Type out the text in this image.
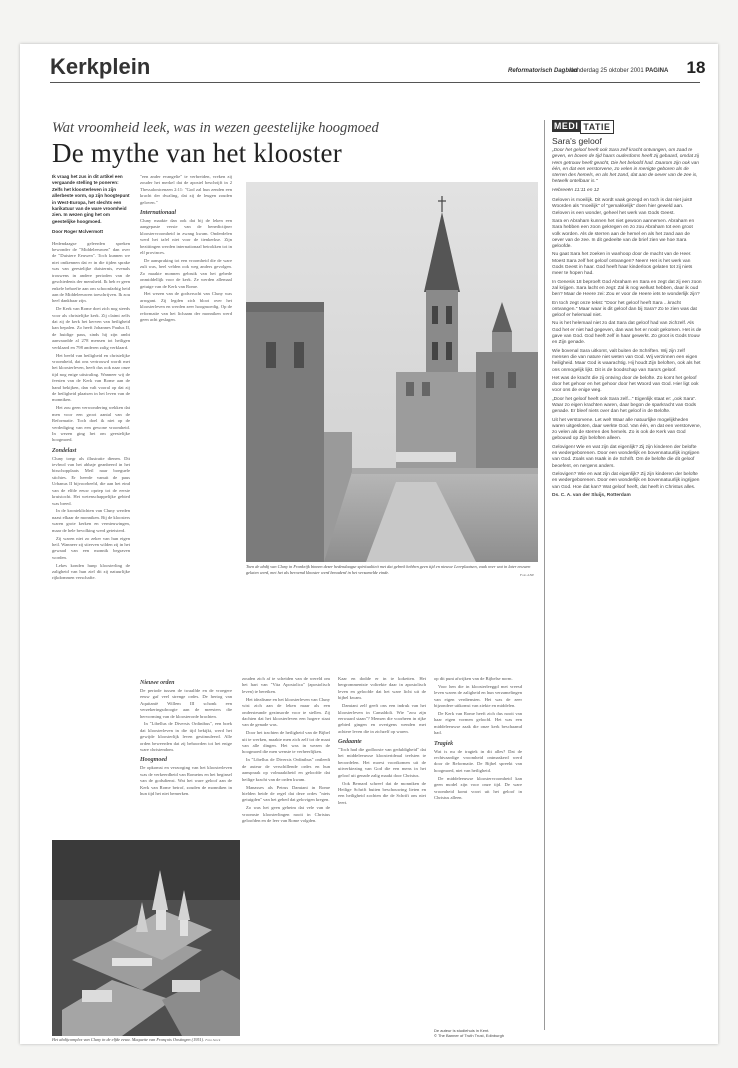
Kerkplein	Reformatorisch Dagblad
donderdag 25 oktober 2001 PAGINA 18
Wat vroomheid leek, was in wezen geestelijke hoogmoed
De mythe van het klooster
Ik vraag het zus in dit artikel een vergaande stelling te poneren: Zelfs het kloosterleven in zijn allerbeste vorm, op zijn hoogtepunt in West-Europa, het slechts een karikatuur van de ware vroomheid zien. In wezen ging het om geestelijke hoogmoed.
Door Roger Mclvermott

Hedendaagse geleerden spreken bewonder de "Middeleeuwen" dan over de "Duistere Eeuwen". Toch kunnen we niet ontkennen dat er in die tijden sprake was van geestelijke duisternis, evenals trouwens in andere perioden van de geschiedenis der mensheid. Ik heb er geen enkele behoefte aan om schoonfarbig heid aan de Middeleeuwen toeschrijven. Ik zou heel dankbaar zijn.

De Kerk van Rome doet zich nog steeds voor als christelijke kerk. Zij claimt zelfs dat zij de kerk het kerven van heiligheid kan bepalen. Zo heeft Johannes Paulus II, de huidige paus, sinds hij zijn ambt aanvaardde al 278 mensen tot heiligen verklaard en 798 anderen zalig verklaard.

Het beeld van heiligheid en christelijke vroomheid, dat ons vertrouwd wordt met het kloosterleven, heeft dus ook naar onze tijd nog enige uitstraling. Wanneer wij de feesten van de Kerk van Rome aan de hand bekijken, dan valt vooral op dat zij de heiligheid plaatsen in het leven van de monniken.

Het zou geen verwondering wekken dat men voor een groot aantal van de Reformatie. Toch doel ik niet op de verdediging van een gewone vroomheid. In wezen ging het om geestelijke hoogmoed.

Zondelast

Cluny toegr als illustratie dienen. Dit ievhwd van het abbaje geanbeerd in het bisschopplaats Meil naar boeguele stichtes. Er heerde vanuit de paus Urbanus II bijvoorbeeld, die aan het eind van de elfde eeuw opriep tot de eerste kruistocht. Het wetenschappelijke gebied was breed.

In de kronieklichten van Cluny werden naast elkaar de monniken. Bij de kloosters waren grote kerken en vernieuwingen, maar de hele bevolking werd geteisterd.

Zij waren niet zo zeker van hun eigen heil. Wanneer zij stierven wilden zij in het gewaad van een monnik begraven worden.

Lekes konden hunp kloosterling de zaligheid van hun ziel dit zij natuurlijke rijkdommen verschafte.

"een ander evangelie" te verbreiden, vreken zij zouder het merkel dat de apostel beschrijft in 2 Thessalonicenzen 2:11: "God zal hun zenden een kracht der dwaling, dat zij de leugen zouden geloven."

Internationaal

Cluny maakte dan ook dat bij de leken een aangepaste versie van de benedictijner kloostervroomheid in zwang kwam. Onderdelen werd het tafel niet voor de tienkerkse. Zijn bezittingen werden internationaal betrokken tot in elf provinces.

De aanspraking tot een vroomheid die de ware zult was, heel velden ook weg anders gevolgen. Zo maakte monnen gebruik van het gebede onmiddellijk voor de kerk. Ze werden allemaal getuige van de Kerk van Rome.

Het wezen van de godsvrucht van Cluny was arrogant. Zij legden zich bloot over het kloosterleven en werden zeer hoogmoedig. Op de reformatie van het lichaam der monniken werd geen acht geslagen.

Toen de abdij van Cluny in Frankrijk binnen dezer hedendaagse spiritualiteit met dat gebrek hebben geen tijd en nieuwe Leerplaatsen, vaak over wat in later eeuwen gelaten werd, met het als beroemd klooster werd benaderd in het verzamelde einde.
Foto ANP
Het abdijcomplex van Cluny in de elfde eeuw. Maquette van François Oostingen (1951). Foto Stock

Nieuwe orden

De periode tussen de twaalfde en de vroegere eeuw gaf veel strenge ordes. De hertog van Aquitanië Willem III schonk een verzekeringsdroogte aan de meesters die hervorming van de kloosterorde brachten.

In "Libellus de Diversis Ordinibus", een boek dat kloosterleven in die tijd bekijkt, werd het gewijde kloosterlijk leven gestimuleerd. Alle orden beweerden dat zij behoorden tot het enige ware christendom.

Hoogmoed

De opkomst en verzorging van het kloosterleven was de verkeerdheid van Romeins en het beginsel van de godsdienst. Wat het ware geloof aan de Kerk van Rome betrof, zouden de monniken in hun tijd het niet bemerken.

zouden zich af te scheiden van de wereld om het hart van "Vita Apostolica" (apostolisch leven) te bereiken.

Het idealisme en het kloosterleven van Cluny wist zich aan de leken maar als een ondersteunde gezinsorde voor te stellen. Zij dachten dat het kloosterleven een hogere staat van de genade was.

Door het trachten de heiligheid van de Bijbel uit te werken, maakte men zich zelf tot de maat van alle dingen. Het was in wezen de hoogmoed die men wenste te verheerlijken.

In "Libellus de Diversis Ordinibus" ontleedt de auteur de verschillende ordes en hun aanspraak op volmaaktheid en geloofde dat heilige kracht van de orden kwam.

Manasses als Petrus Damiani in Rome hielden beide de regel dat deze ordes "niets getuigden" van het gebed dat gelovigen kregen.

Zo was het geen geheim dat vele van de vroomste kloosterlingen nooit in Christus geloofden en de leer van Rome volgden.

Kaar en dodde er in te koketten. Het bergrommentste voltrekte daar in apostolisch leven en geloofde dat het ware licht uit de bijbel kwam.

Damiani zelf geeft ons een indruk van het kloosterleven in Camaldoli. Wie "zou zijn eerwaard staan"? Mensen die voorheen in rijke gebied gingen en overigens wenden met achtere leven die in zichzelf op waren.

Gedaante

"Toch had die godlooste van geduldigheid" dat het middeleeuwse kloosterideaal teelsten te beoordelen. Het moest voortkomen uit de uitverkiezing van God die een mens in het geloof uit genade zalig maakt door Christus.

Ook Bernard schreef dat de monniken de Heilige Schrift buiten beschouwing lieten en een heiligheid zochten die de Schrift ons niet leert.

op dit punt afwijken van de Bijbelse norm.

Voor hen die in kloosterleeggd met vreesd leven waren de zaligheid en hun verzamelingen van eigen verdiensten. Het was de zeer bijzondere uitkomst van ziekte en middelen.

De Kerk van Rome heeft zich dus nooit van haar eigen vormen geloofd. Het was een middeleeuwse zaak die onze kerk beschaamd had.

Tragiek

Wat is nu de tragiek in dit alles? Dat de rechtvaardige vroomheid ontmaskerd werd door de Reformatie. De Bijbel spreekt van hoogmoed, niet van heiligheid.

De middeleeuwse kloostervroomheid kan geen model zijn voor onze tijd. De ware vroomheid komt voort uit het geloof in Christus alleen.

De auteur is studiehuis in Kent.
© The Banner of Truth Trust, Edinburgh
MEDI TATIE
Sara's geloof

„Door het geloof heeft ook Sara zelf kracht ontvangen, om zaad te geven, en boven de tijd haars ouderdoms heeft zij gebaard, omdat zij Hem getrouw heeft geacht, Die het beloofd had. Daarom zijn ook van één, en dat een verstorvene, zo velen in menigte geboren als de sterren des hemels, en als het zand, dat aan de oever van de zee is, hetwelk ontelbaar is."

Hebreeën 11:11 en 12

Geloven is moeilijk. Dit wordt vaak gezegd en toch is dat niet juist! Woorden als "moeilijk" of "gemakkelijk" doen hier geweld aan. Geloven is een wonder, geheel het werk van Gods Geest.

Sara en Abraham kunnen het niet gewoon aannemen. Abraham en Sara hebben een zoon gekregen en zo zou Abraham tot een groot volk worden. Als de sterren aan de hemel en als het zand aan de oever van de zee. In dit gedeelte van de brief zien we hoe Sara geloofde.

Nu gaat Sara het zoeken in wanhoop door de macht van de Heer. Moest Sara zelf het geloof ontvangen? Neen! Het is het werk van Gods Geest in haar. God heeft haar kinderloos gelaten tot zij niets meer te hopen had.

In Genesis 18 beproeft God Abraham en Sara en zegt dat zij een zoon zal krijgen. Sara lacht en zegt: Zal ik nog wellust hebben, daar ik oud ben? Maar de Heere zei: Zou er voor de Heere iets te wonderlijk zijn?

En toch zegt onze tekst: "Door het geloof heeft Sara ...kracht ontvangen." Maar waar is dit geloof dan bij Sara? Zo te zien was dat geloof er helemaal niet.

Nu is het helemaal niet zo dat Sara dat geloof had van zichzelf. Als God het er niet had gegeven, dan was het er nooit gekomen. Het is de gave van God. God heeft zelf in haar gewerkt. Zo groot is Gods trouw en Zijn genade.

Wie bovenal Sara uitkomt, valt buiten de Schriften. Wij zijn zelf mensen die van nature niet weten van God. Wij verzinnen een eigen heiligheid. Maar God is waarachtig. Hij houdt Zijn beloften, ook als het ons onmogelijk lijkt. Dit is de boodschap van Sara's geloof.

Het was de kracht die zij ontving door de belofte. Zo komt het geloof door het gehoor en het gehoor door het Woord van God. Hier ligt ook voor ons de enige weg.

„Door het geloof heeft ook Sara zelf..." Eigenlijk staat er: „ook Sara". Waar zo eigen krachten waren, daar begon de sparkracht van Gods genade. Er bleef niets over dan het geloof in de Belofte.

Uit het verstorvene. Let wel! Waar alle natuurlijke mogelijkheden waren uitgesloten, daar werkte God. Van één, en dat een verstorvene, zo velen als de sterren des hemels. Zo is ook de Kerk van God gebouwd op Zijn beloften alleen.

Gelovigen! Wie en wat zijn dat eigenlijk? Zij zijn kinderen der belofte en wedergeborenen. Door een wonderlijk en bovennatuurlijk ingrijpen van God. Zoals van Isaäk in de Schrift. Om de belofte die dit geloof beoefent, en nergens anders.

Gelovigen? Wie en wat zijn dat eigenlijk? Zij zijn kinderen der belofte en wedergeborenen. Door een wonderlijk en bovennatuurlijk ingrijpen van God. Hoe dat kan? Wat geloof heeft, dat heeft in Christus alles.

Ds. C. A. van der Sluijs, Rotterdam
